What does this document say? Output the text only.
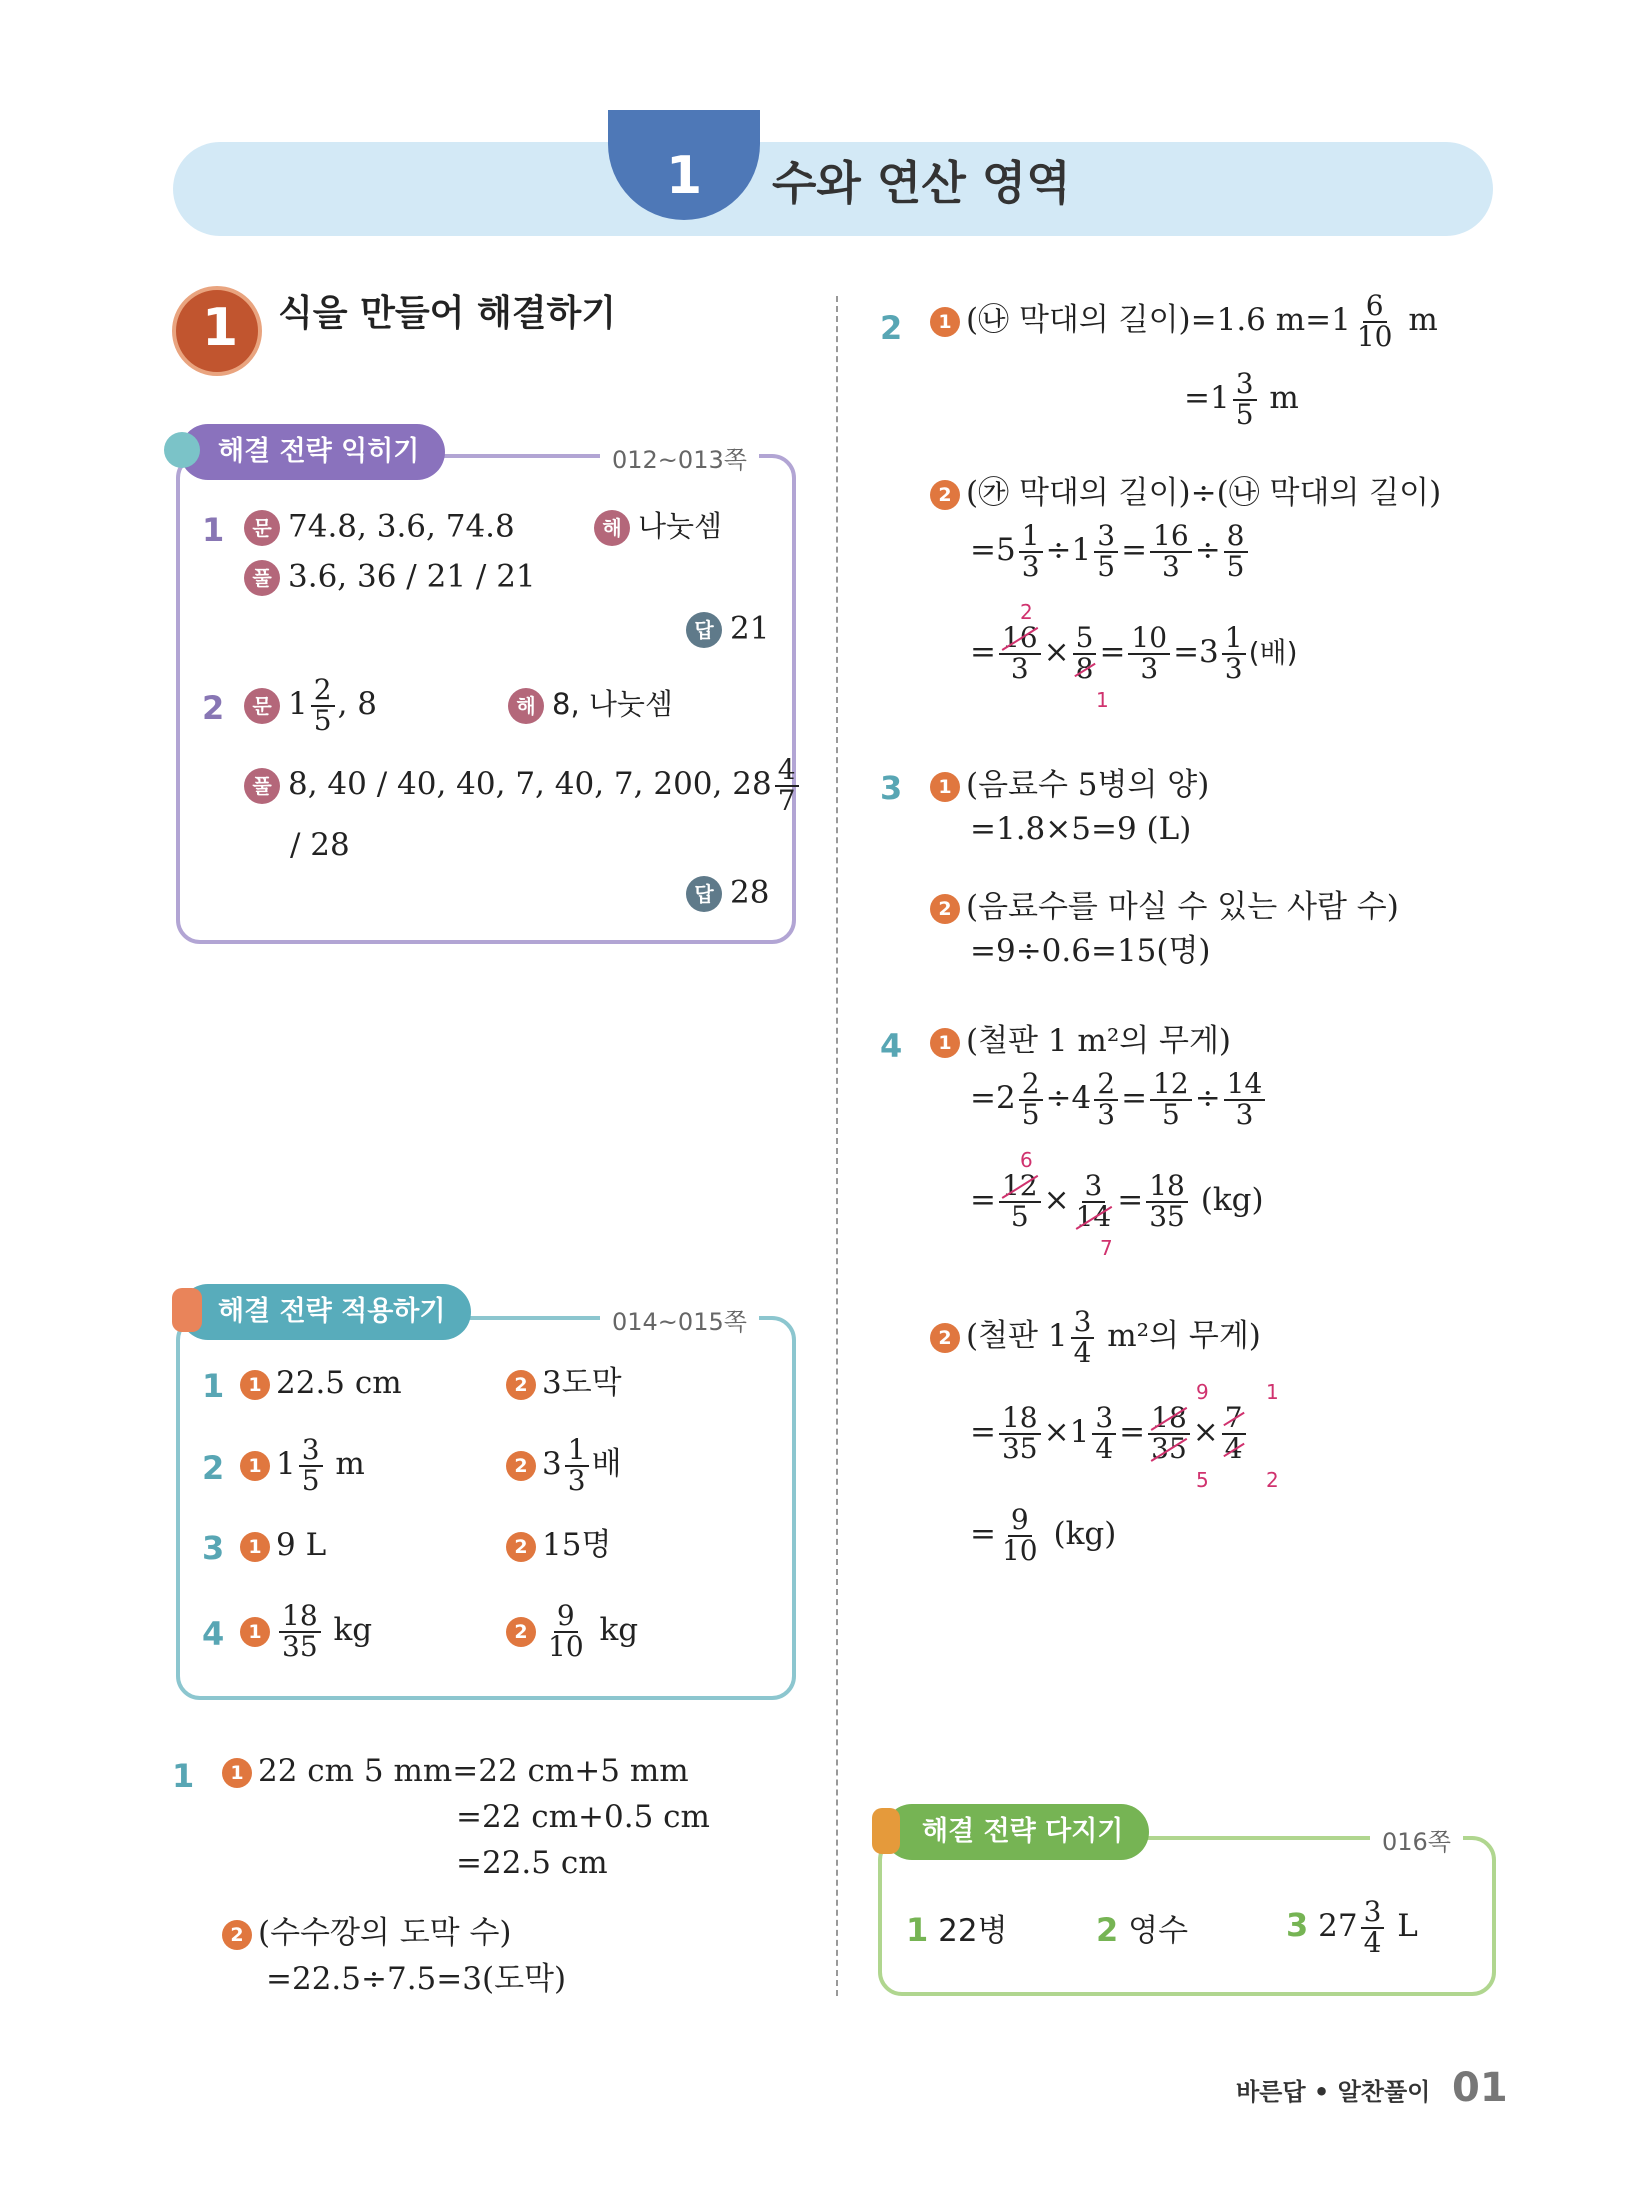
1 수와 연산 영역
1 식을 만들어 해결하기
해결 전략 익히기	012~013쪽
1	문 74.8, 3.6, 74.8	해 나눗셈
풀 3.6, 36 / 21 / 21
답 21
2	문 $1 \frac{2}{5}$ , 8	해 8, 나눗셈
풀 8, 40 / 40, 40, 7, 40, 7, 200, $28 \frac{4}{7}$
/ 28
답 28
해결 전략 적용하기	014~015쪽
1	1 22.5 cm	2 3도막
2	1 $1 \frac{3}{5}$ m	2 $3 \frac{1}{3}$ 배
3	1 9 L	2 15명
4	$1 \frac{18}{35}$ kg	$2 \frac{9}{10}$ kg
1	1 22 cm 5 mm=22 cm+5 mm
=22 cm+0.5 cm
=22.5 cm
2 (수수깡의 도막 수)
=22.5÷7.5=3(도막)
2	1 (㉯ 막대의 길이)=1.6 $m=1 \frac{6}{10}$ m
$=1 \frac{3}{5}$ m
2 (㉮ 막대의 길이)÷(㉯ 막대의 길이)
$=5 \frac{1}{3} \div 1 \frac{3}{5} = \frac{16}{3} \div \frac{8}{5}$
2
1
= $\frac{16}{3} \times \frac{5}{8} = \frac{10}{3} =3 \frac{1}{3}$ (배)
3	1 (음료수 5병의 양)
=1.8×5=9 (L)
2 (음료수를 마실 수 있는 사람 수)
=9÷0.6=15(명)
4	1 (철판 1 m²의 무게)
$=2 \frac{2}{5} \div 4 \frac{2}{3} = \frac{12}{5} \div \frac{14}{3}$
6
7
= $\frac{12}{5} \times \frac{3}{14} = \frac{18}{35} (kg)$
2 (철판 $1 \frac{3}{4} m^2$의 무게)
9	1
= $\frac{18}{35} \times 1 \frac{3}{4} = \frac{18}{35} \times \frac{7}{4}$
5	2
= $\frac{9}{10} (kg)$
해결 전략 다지기	016쪽
1 22병	2 영수	3 $27 \frac{3}{4}$ L
바른답 • 알찬풀이 01
